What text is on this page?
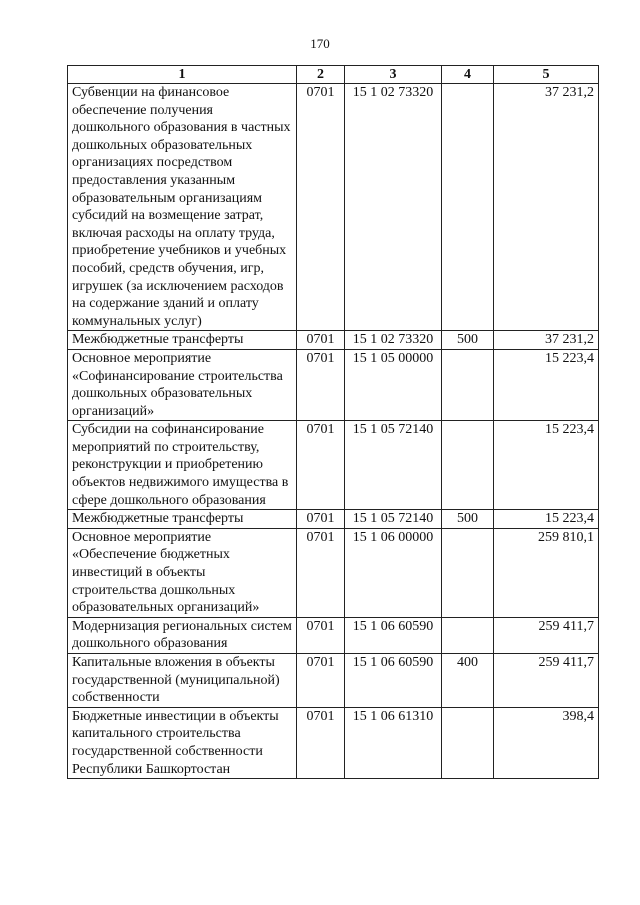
170
1	2	3	4	5
Субвенции на финансовое обеспечение получения дошкольного образования в частных дошкольных образовательных организациях посредством предоставления указанным образовательным организациям субсидий на возмещение затрат, включая расходы на оплату труда, приобретение учебников и учебных пособий, средств обучения, игр, игрушек (за исключением расходов на содержание зданий и оплату коммунальных услуг)	0701	15 1 02 73320		37 231,2
Межбюджетные трансферты	0701	15 1 02 73320	500	37 231,2
Основное мероприятие «Софинансирование строительства дошкольных образовательных организаций»	0701	15 1 05 00000		15 223,4
Субсидии на софинансирование мероприятий по строительству, реконструкции и приобретению объектов недвижимого имущества в сфере дошкольного образования	0701	15 1 05 72140		15 223,4
Межбюджетные трансферты	0701	15 1 05 72140	500	15 223,4
Основное мероприятие «Обеспечение бюджетных инвестиций в объекты строительства дошкольных образовательных организаций»	0701	15 1 06 00000		259 810,1
Модернизация региональных систем дошкольного образования	0701	15 1 06 60590		259 411,7
Капитальные вложения в объекты государственной (муниципальной) собственности	0701	15 1 06 60590	400	259 411,7
Бюджетные инвестиции в объекты капитального строительства государственной собственности Республики Башкортостан	0701	15 1 06 61310		398,4
